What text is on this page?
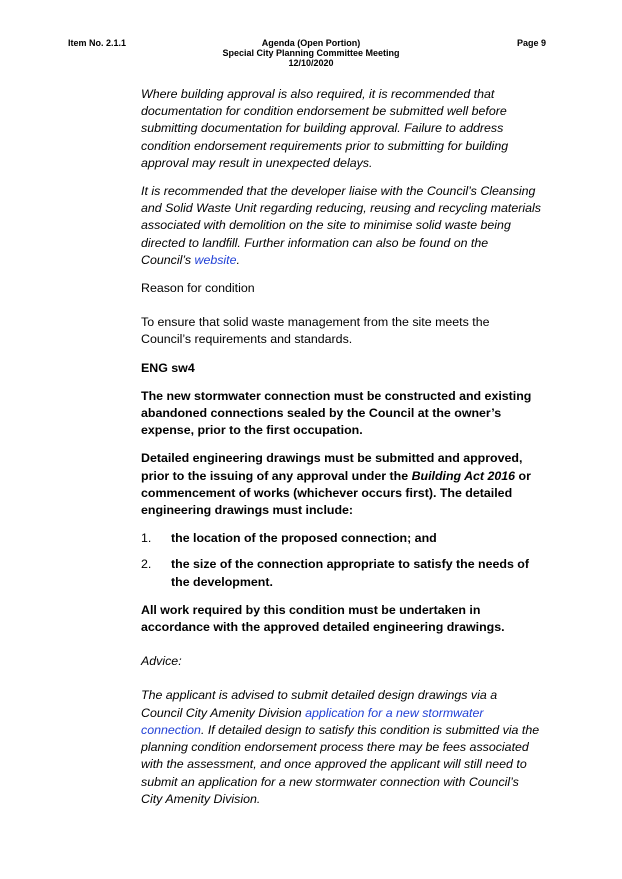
Item No. 2.1.1	Agenda (Open Portion)
Special City Planning Committee Meeting
12/10/2020
Page 9

Where building approval is also required, it is recommended that documentation for condition endorsement be submitted well before submitting documentation for building approval. Failure to address condition endorsement requirements prior to submitting for building approval may result in unexpected delays.

It is recommended that the developer liaise with the Council’s Cleansing and Solid Waste Unit regarding reducing, reusing and recycling materials associated with demolition on the site to minimise solid waste being directed to landfill. Further information can also be found on the Council’s website.

Reason for condition

To ensure that solid waste management from the site meets the Council’s requirements and standards.

ENG sw4

The new stormwater connection must be constructed and existing abandoned connections sealed by the Council at the owner’s expense, prior to the first occupation.

Detailed engineering drawings must be submitted and approved, prior to the issuing of any approval under the Building Act 2016 or commencement of works (whichever occurs first). The detailed engineering drawings must include:

1. the location of the proposed connection; and
2. the size of the connection appropriate to satisfy the needs of the development.

All work required by this condition must be undertaken in accordance with the approved detailed engineering drawings.

Advice:

The applicant is advised to submit detailed design drawings via a Council City Amenity Division application for a new stormwater connection. If detailed design to satisfy this condition is submitted via the planning condition endorsement process there may be fees associated with the assessment, and once approved the applicant will still need to submit an application for a new stormwater connection with Council’s City Amenity Division.
